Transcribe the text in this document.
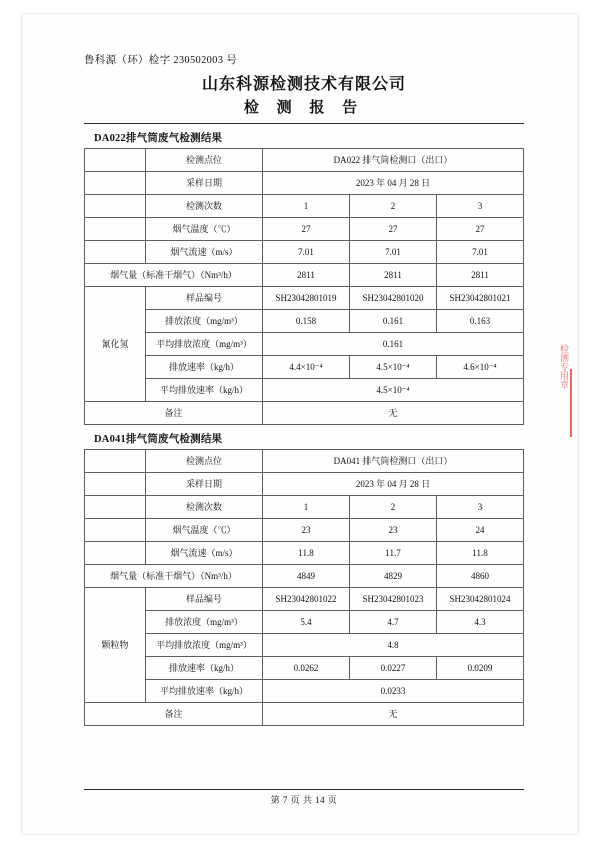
鲁科源（环）检字 230502003 号
山东科源检测技术有限公司
检 测 报 告
DA022排气筒废气检测结果
	检测点位	DA022 排气筒检测口（出口）		
	采样日期	2023 年 04 月 28 日		
	检测次数	1	2	3
	烟气温度（℃）	27	27	27
	烟气流速（m/s）	7.01	7.01	7.01
烟气量（标准干烟气）（Nm³/h）		2811	2811	2811
氰化氢	样品编号	SH23042801019	SH23042801020	SH23042801021
	排放浓度（mg/m³）	0.158	0.161	0.163
	平均排放浓度（mg/m³）	0.161		
	排放速率（kg/h）	4.4×10⁻⁴	4.5×10⁻⁴	4.6×10⁻⁴
	平均排放速率（kg/h）	4.5×10⁻⁴		
备注		无		
DA041排气筒废气检测结果
	检测点位	DA041 排气筒检测口（出口）		
	采样日期	2023 年 04 月 28 日		
	检测次数	1	2	3
	烟气温度（℃）	23	23	24
	烟气流速（m/s）	11.8	11.7	11.8
烟气量（标准干烟气）（Nm³/h）		4849	4829	4860
颗粒物	样品编号	SH23042801022	SH23042801023	SH23042801024
	排放浓度（mg/m³）	5.4	4.7	4.3
	平均排放浓度（mg/m³）	4.8		
	排放速率（kg/h）	0.0262	0.0227	0.0209
	平均排放速率（kg/h）	0.0233		
备注		无		
检测专用章
第 7 页 共 14 页
